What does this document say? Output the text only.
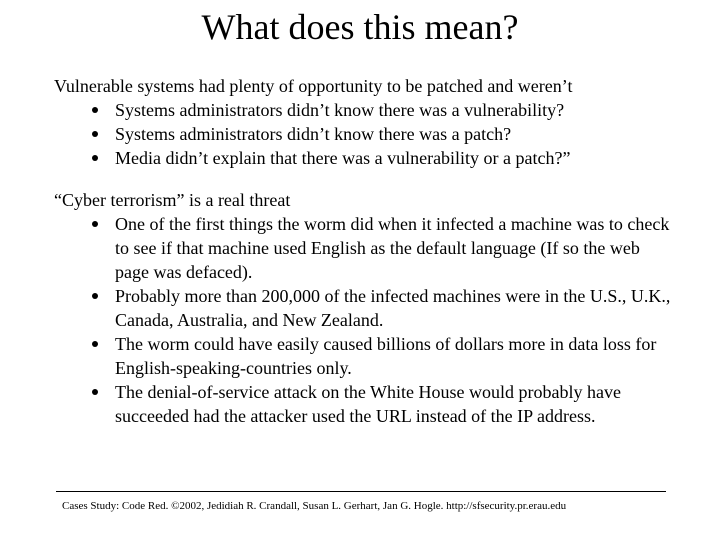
What does this mean?

Vulnerable systems had plenty of opportunity to be patched and weren’t

Systems administrators didn’t know there was a vulnerability?
Systems administrators didn’t know there was a patch?
Media didn’t explain that there was a vulnerability or a patch?”

“Cyber terrorism” is a real threat

One of the first things the worm did when it infected a machine was to check to see if that machine used English as the default language (If so the web page was defaced).
Probably more than 200,000 of the infected machines were in the U.S., U.K., Canada, Australia, and New Zealand.
The worm could have easily caused billions of dollars more in data loss for English-speaking-countries only.
The denial-of-service attack on the White House would probably have succeeded had the attacker used the URL instead of the IP address.
Cases Study: Code Red. ©2002, Jedidiah R. Crandall, Susan L. Gerhart, Jan G. Hogle. http://sfsecurity.pr.erau.edu
